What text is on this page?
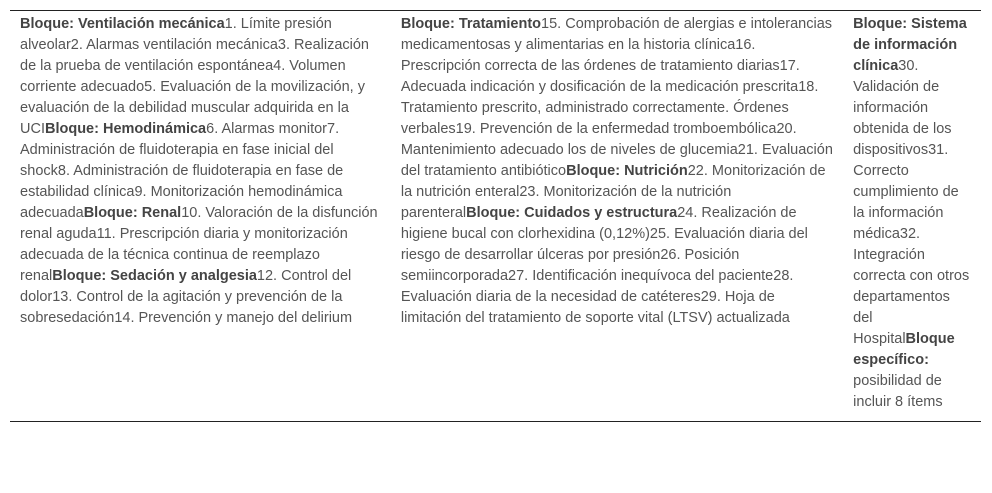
Bloque: Ventilación mecánica1. Límite presión alveolar2. Alarmas ventilación mecánica3. Realización de la prueba de ventilación espontánea4. Volumen corriente adecuado5. Evaluación de la movilización, y evaluación de la debilidad muscular adquirida en la UCIBloque: Hemodinámica6. Alarmas monitor7. Administración de fluidoterapia en fase inicial del shock8. Administración de fluidoterapia en fase de estabilidad clínica9. Monitorización hemodinámica adecuadaBloque: Renal10. Valoración de la disfunción renal aguda11. Prescripción diaria y monitorización adecuada de la técnica continua de reemplazo renalBloque: Sedación y analgesia12. Control del dolor13. Control de la agitación y prevención de la sobresedación14. Prevención y manejo del delirium	Bloque: Tratamiento15. Comprobación de alergias e intolerancias medicamentosas y alimentarias en la historia clínica16. Prescripción correcta de las órdenes de tratamiento diarias17. Adecuada indicación y dosificación de la medicación prescrita18. Tratamiento prescrito, administrado correctamente. Órdenes verbales19. Prevención de la enfermedad tromboembólica20. Mantenimiento adecuado los de niveles de glucemia21. Evaluación del tratamiento antibióticoBloque: Nutrición22. Monitorización de la nutrición enteral23. Monitorización de la nutrición parenteralBloque: Cuidados y estructura24. Realización de higiene bucal con clorhexidina (0,12%)25. Evaluación diaria del riesgo de desarrollar úlceras por presión26. Posición semiincorporada27. Identificación inequívoca del paciente28. Evaluación diaria de la necesidad de catéteres29. Hoja de limitación del tratamiento de soporte vital (LTSV) actualizada	Bloque: Sistema de información clínica30. Validación de información obtenida de los dispositivos31. Correcto cumplimiento de la información médica32. Integración correcta con otros departamentos del HospitalBloque específico: posibilidad de incluir 8 ítems
